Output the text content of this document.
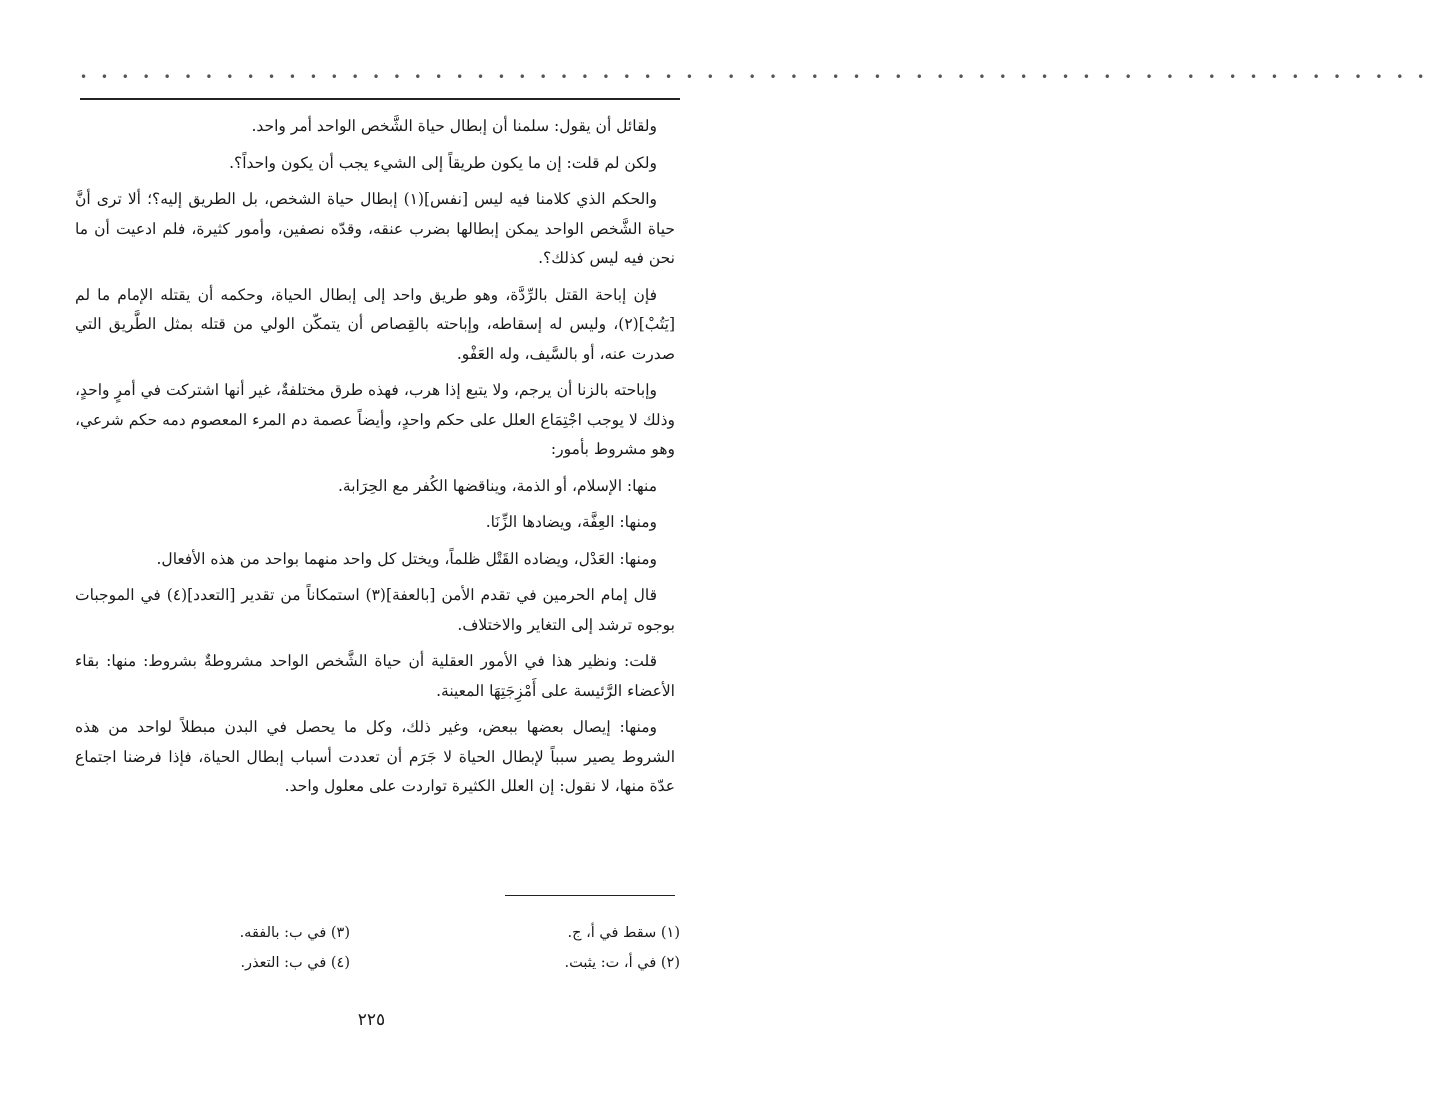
• • • • • • • • • • • • • • • • • • • • • • • • • • • • • • • • • • • • • • • • • • • • • • • • • • • • • • • • • • • • • • • • •

ولقائل أن يقول: سلمنا أن إبطال حياة الشَّخص الواحد أمر واحد.

ولكن لم قلت: إن ما يكون طريقاً إلى الشيء يجب أن يكون واحداً؟.

والحكم الذي كلامنا فيه ليس [نفس](١) إبطال حياة الشخص، بل الطريق إليه؟؛ ألا ترى أنَّ حياة الشَّخص الواحد يمكن إبطالها بضرب عنقه، وقدّه نصفين، وأمور كثيرة، فلم ادعيت أن ما نحن فيه ليس كذلك؟.

فإن إباحة القتل بالرِّدَّة، وهو طريق واحد إلى إبطال الحياة، وحكمه أن يقتله الإمام ما لم [يَتُبْ](٢)، وليس له إسقاطه، وإباحته بالقِصاص أن يتمكّن الولي من قتله بمثل الطَّريق التي صدرت عنه، أو بالسَّيف، وله العَفْو.

وإباحته بالزنا أن يرجم، ولا يتبع إذا هرب، فهذه طرق مختلفةٌ، غير أنها اشتركت في أمرٍ واحدٍ، وذلك لا يوجب اجْتِمَاع العلل على حكم واحدٍ، وأيضاً عصمة دم المرء المعصوم دمه حكم شرعي، وهو مشروط بأمور:

منها: الإسلام، أو الذمة، ويناقضها الكُفر مع الحِرَابة.

ومنها: العِفَّة، ويضادها الزِّنَا.

ومنها: العَدْل، ويضاده القَتْل ظلماً، ويختل كل واحد منهما بواحد من هذه الأفعال.

قال إمام الحرمين في تقدم الأمن [بالعفة](٣) استمكاناً من تقدير [التعدد](٤) في الموجبات بوجوه ترشد إلى التغاير والاختلاف.

قلت: ونظير هذا في الأمور العقلية أن حياة الشَّخص الواحد مشروطةٌ بشروط: منها: بقاء الأعضاء الرَّئيسة على أَمْزِجَتِهَا المعينة.

ومنها: إيصال بعضها ببعض، وغير ذلك، وكل ما يحصل في البدن مبطلاً لواحد من هذه الشروط يصير سبباً لإبطال الحياة لا جَرَم أن تعددت أسباب إبطال الحياة، فإذا فرضنا اجتماع عدّة منها، لا نقول: إن العلل الكثيرة تواردت على معلول واحد.

(١) سقط في أ، ج.
(٢) في أ، ت: يثبت.
(٣) في ب: بالفقه.
(٤) في ب: التعذر.
٢٢٥
